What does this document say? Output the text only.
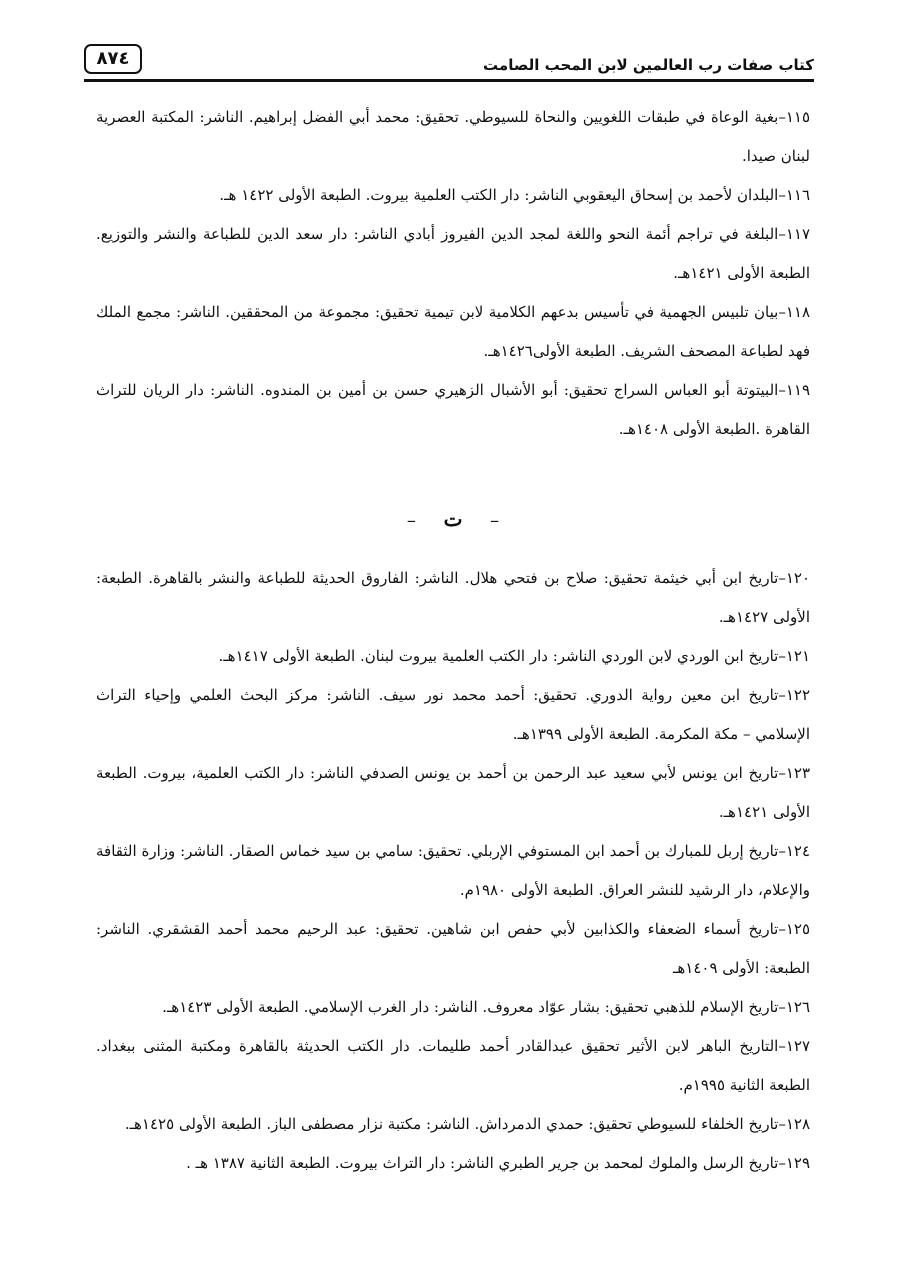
كتاب صفات رب العالمين لابن المحب الصامت
٨٧٤

١١٥–بغية الوعاة في طبقات اللغويين والنحاة للسيوطي. تحقيق: محمد أبي الفضل إبراهيم. الناشر: المكتبة العصرية لبنان صيدا.

١١٦–البلدان لأحمد بن إسحاق اليعقوبي الناشر: دار الكتب العلمية بيروت. الطبعة الأولى ١٤٢٢ هـ.

١١٧–البلغة في تراجم أئمة النحو واللغة لمجد الدين الفيروز أبادي الناشر: دار سعد الدين للطباعة والنشر والتوزيع. الطبعة الأولى ١٤٢١هـ.

١١٨–بيان تلبيس الجهمية في تأسيس بدعهم الكلامية لابن تيمية تحقيق: مجموعة من المحققين. الناشر: مجمع الملك فهد لطباعة المصحف الشريف. الطبعة الأولى١٤٢٦هـ.

١١٩–البيتوتة أبو العباس السراج تحقيق: أبو الأشبال الزهيري حسن بن أمين بن المندوه. الناشر: دار الريان للتراث القاهرة .الطبعة الأولى ١٤٠٨هـ.

– ت –

١٢٠–تاريخ ابن أبي خيثمة تحقيق: صلاح بن فتحي هلال. الناشر: الفاروق الحديثة للطباعة والنشر بالقاهرة. الطبعة: الأولى ١٤٢٧هـ.

١٢١–تاريخ ابن الوردي لابن الوردي الناشر: دار الكتب العلمية بيروت لبنان. الطبعة الأولى ١٤١٧هـ.

١٢٢–تاريخ ابن معين رواية الدوري. تحقيق: أحمد محمد نور سيف. الناشر: مركز البحث العلمي وإحياء التراث الإسلامي – مكة المكرمة. الطبعة الأولى ١٣٩٩هـ.

١٢٣–تاريخ ابن يونس لأبي سعيد عبد الرحمن بن أحمد بن يونس الصدفي الناشر: دار الكتب العلمية، بيروت. الطبعة الأولى ١٤٢١هـ.

١٢٤–تاريخ إربل للمبارك بن أحمد ابن المستوفي الإربلي. تحقيق: سامي بن سيد خماس الصقار. الناشر: وزارة الثقافة والإعلام، دار الرشيد للنشر العراق. الطبعة الأولى ١٩٨٠م.

١٢٥–تاريخ أسماء الضعفاء والكذابين لأبي حفص ابن شاهين. تحقيق: عبد الرحيم محمد أحمد القشقري. الناشر: الطبعة: الأولى ١٤٠٩هـ

١٢٦–تاريخ الإسلام للذهبي تحقيق: بشار عوّاد معروف. الناشر: دار الغرب الإسلامي. الطبعة الأولى ١٤٢٣هـ.

١٢٧–التاريخ الباهر لابن الأثير تحقيق عبدالقادر أحمد طليمات. دار الكتب الحديثة بالقاهرة ومكتبة المثنى ببغداد. الطبعة الثانية ١٩٩٥م.

١٢٨–تاريخ الخلفاء للسيوطي تحقيق: حمدي الدمرداش. الناشر: مكتبة نزار مصطفى الباز. الطبعة الأولى ١٤٢٥هـ.

١٢٩–تاريخ الرسل والملوك لمحمد بن جرير الطبري الناشر: دار التراث بيروت. الطبعة الثانية ١٣٨٧ هـ .
